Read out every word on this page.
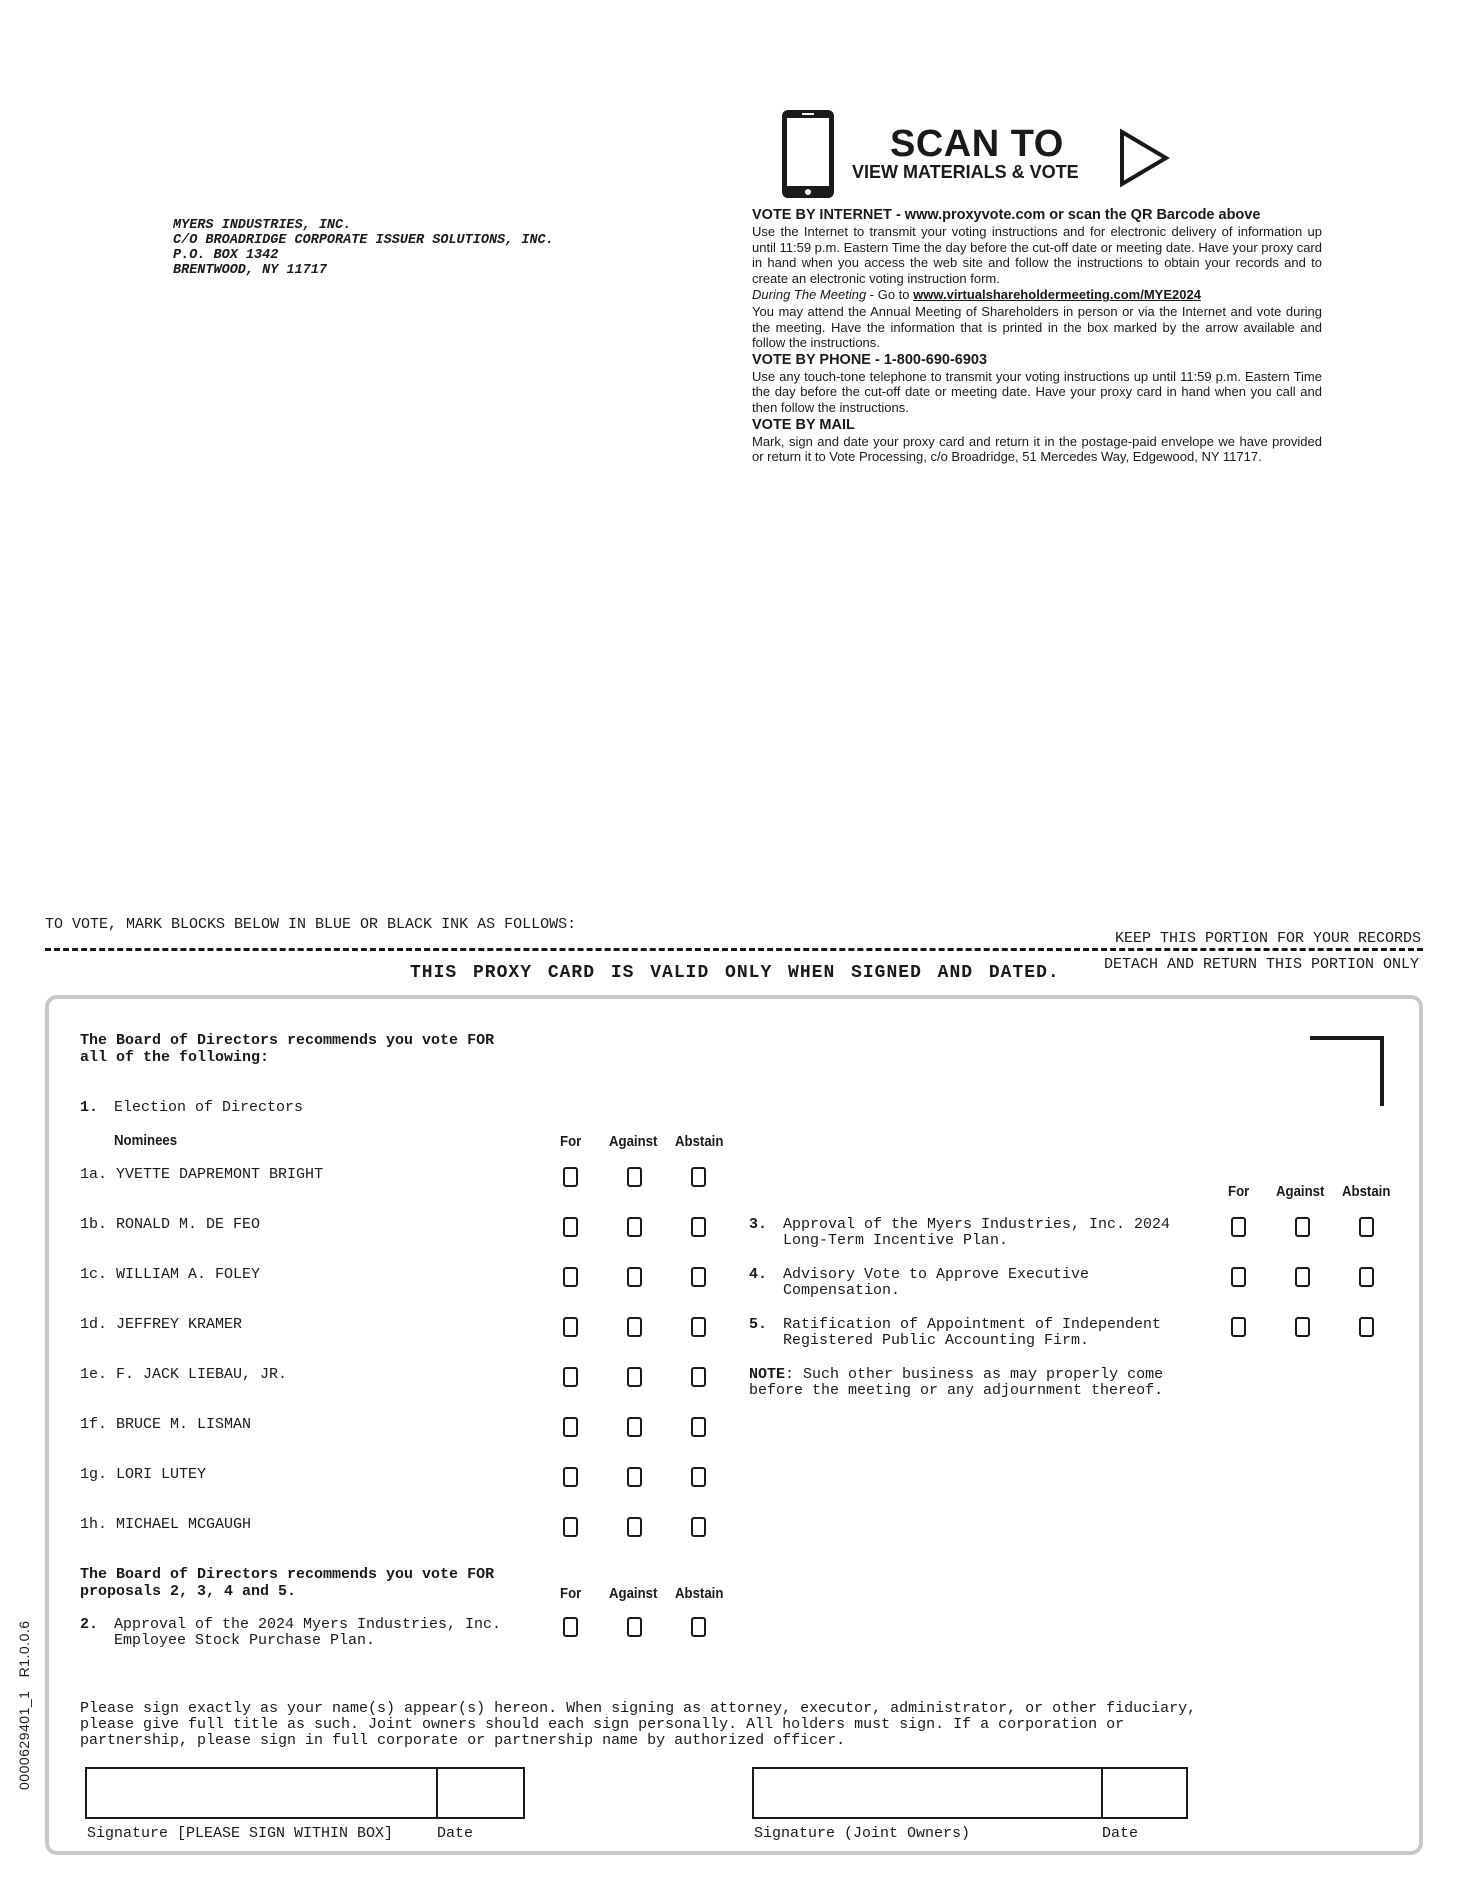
MYERS INDUSTRIES, INC.
C/O BROADRIDGE CORPORATE ISSUER SOLUTIONS, INC.
P.O. BOX 1342
BRENTWOOD, NY 11717
SCAN TO
VIEW MATERIALS & VOTE
VOTE BY INTERNET - www.proxyvote.com or scan the QR Barcode above

Use the Internet to transmit your voting instructions and for electronic delivery of information up until 11:59 p.m. Eastern Time the day before the cut-off date or meeting date. Have your proxy card in hand when you access the web site and follow the instructions to obtain your records and to create an electronic voting instruction form.

During The Meeting - Go to www.virtualshareholdermeeting.com/MYE2024

You may attend the Annual Meeting of Shareholders in person or via the Internet and vote during the meeting. Have the information that is printed in the box marked by the arrow available and follow the instructions.

VOTE BY PHONE - 1-800-690-6903

Use any touch-tone telephone to transmit your voting instructions up until 11:59 p.m. Eastern Time the day before the cut-off date or meeting date. Have your proxy card in hand when you call and then follow the instructions.

VOTE BY MAIL

Mark, sign and date your proxy card and return it in the postage-paid envelope we have provided or return it to Vote Processing, c/o Broadridge, 51 Mercedes Way, Edgewood, NY 11717.

TO VOTE, MARK BLOCKS BELOW IN BLUE OR BLACK INK AS FOLLOWS:
KEEP THIS PORTION FOR YOUR RECORDS
DETACH AND RETURN THIS PORTION ONLY
THIS PROXY CARD IS VALID ONLY WHEN SIGNED AND DATED.
The Board of Directors recommends you vote FOR
all of the following:
1. Election of Directors
Nominees	For Against Abstain
For Against Abstain
1a. YVETTE DAPREMONT BRIGHT
1b. RONALD M. DE FEO
1c. WILLIAM A. FOLEY
1d. JEFFREY KRAMER
1e. F. JACK LIEBAU, JR.
1f. BRUCE M. LISMAN
1g. LORI LUTEY
1h. MICHAEL MCGAUGH
3. Approval of the Myers Industries, Inc. 2024
Long-Term Incentive Plan.
4. Advisory Vote to Approve Executive
Compensation.
5. Ratification of Appointment of Independent
Registered Public Accounting Firm.
NOTE: Such other business as may properly come
before the meeting or any adjournment thereof.
The Board of Directors recommends you vote FOR
proposals 2, 3, 4 and 5.	For Against Abstain
2. Approval of the 2024 Myers Industries, Inc.
Employee Stock Purchase Plan.
Please sign exactly as your name(s) appear(s) hereon. When signing as attorney, executor, administrator, or other fiduciary,
please give full title as such. Joint owners should each sign personally. All holders must sign. If a corporation or
partnership, please sign in full corporate or partnership name by authorized officer.
Signature [PLEASE SIGN WITHIN BOX]	Date	Signature (Joint Owners)	Date
0000629401_1   R1.0.0.6
